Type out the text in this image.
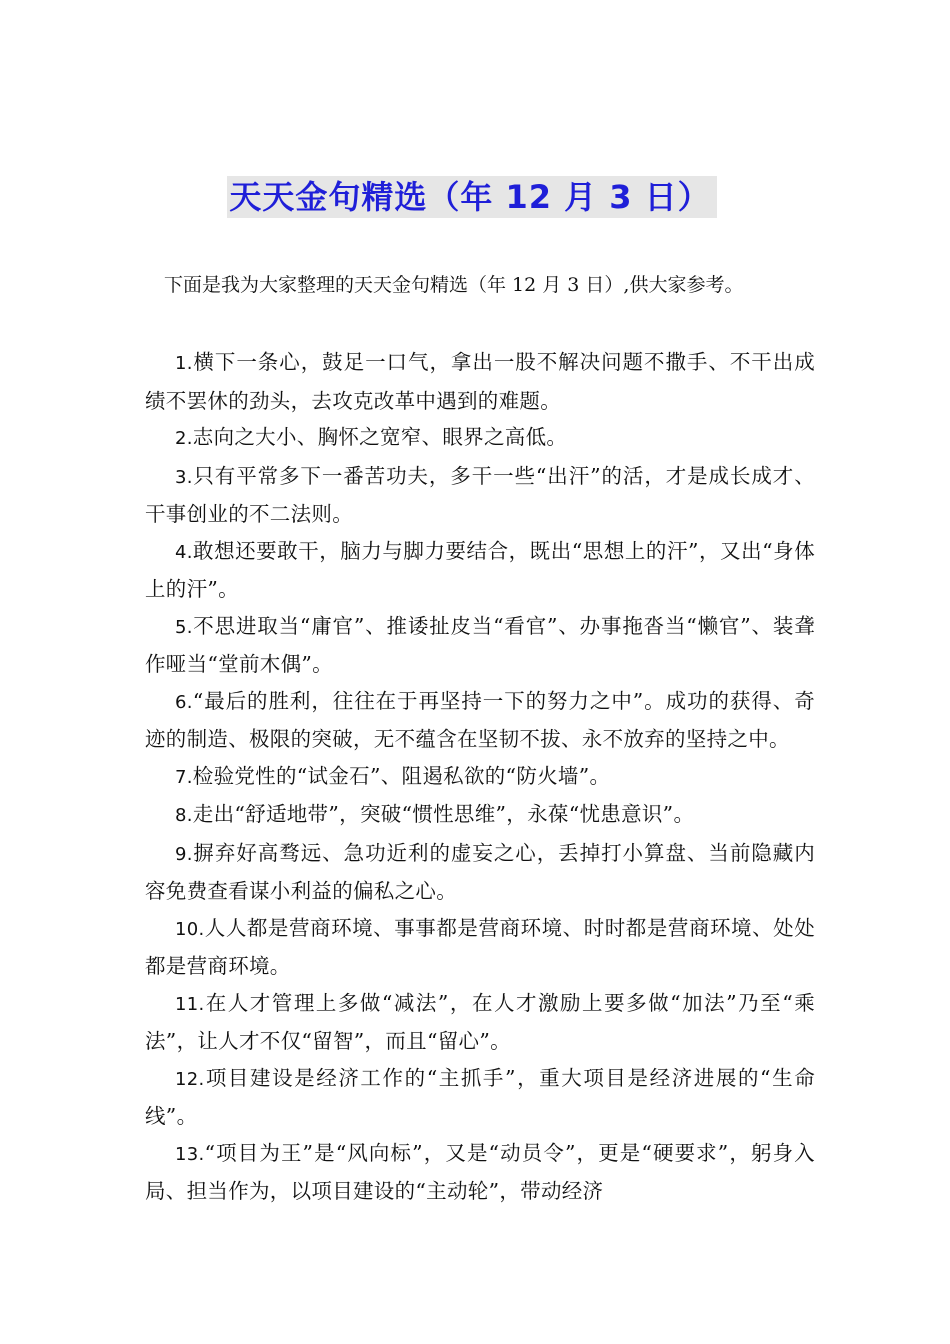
天天金句精选（年 12 月 3 日）
下面是我为大家整理的天天金句精选（年 12 月 3 日）,供大家参考。

1.横下一条心，鼓足一口气，拿出一股不解决问题不撒手、不干出成绩不罢休的劲头，去攻克改革中遇到的难题。

2.志向之大小、胸怀之宽窄、眼界之高低。

3.只有平常多下一番苦功夫，多干一些“出汗”的活，才是成长成才、干事创业的不二法则。

4.敢想还要敢干，脑力与脚力要结合，既出“思想上的汗”，又出“身体上的汗”。

5.不思进取当“庸官”、推诿扯皮当“看官”、办事拖沓当“懒官”、装聋作哑当“堂前木偶”。

6.“最后的胜利，往往在于再坚持一下的努力之中”。成功的获得、奇迹的制造、极限的突破，无不蕴含在坚韧不拔、永不放弃的坚持之中。

7.检验党性的“试金石”、阻遏私欲的“防火墙”。

8.走出“舒适地带”，突破“惯性思维”，永葆“忧患意识”。

9.摒弃好高骛远、急功近利的虚妄之心，丢掉打小算盘、当前隐藏内容免费查看谋小利益的偏私之心。

10.人人都是营商环境、事事都是营商环境、时时都是营商环境、处处都是营商环境。

11.在人才管理上多做“减法”，在人才激励上要多做“加法”乃至“乘法”，让人才不仅“留智”，而且“留心”。

12.项目建设是经济工作的“主抓手”，重大项目是经济进展的“生命线”。

13.“项目为王”是“风向标”，又是“动员令”，更是“硬要求”，躬身入局、担当作为，以项目建设的“主动轮”，带动经济
